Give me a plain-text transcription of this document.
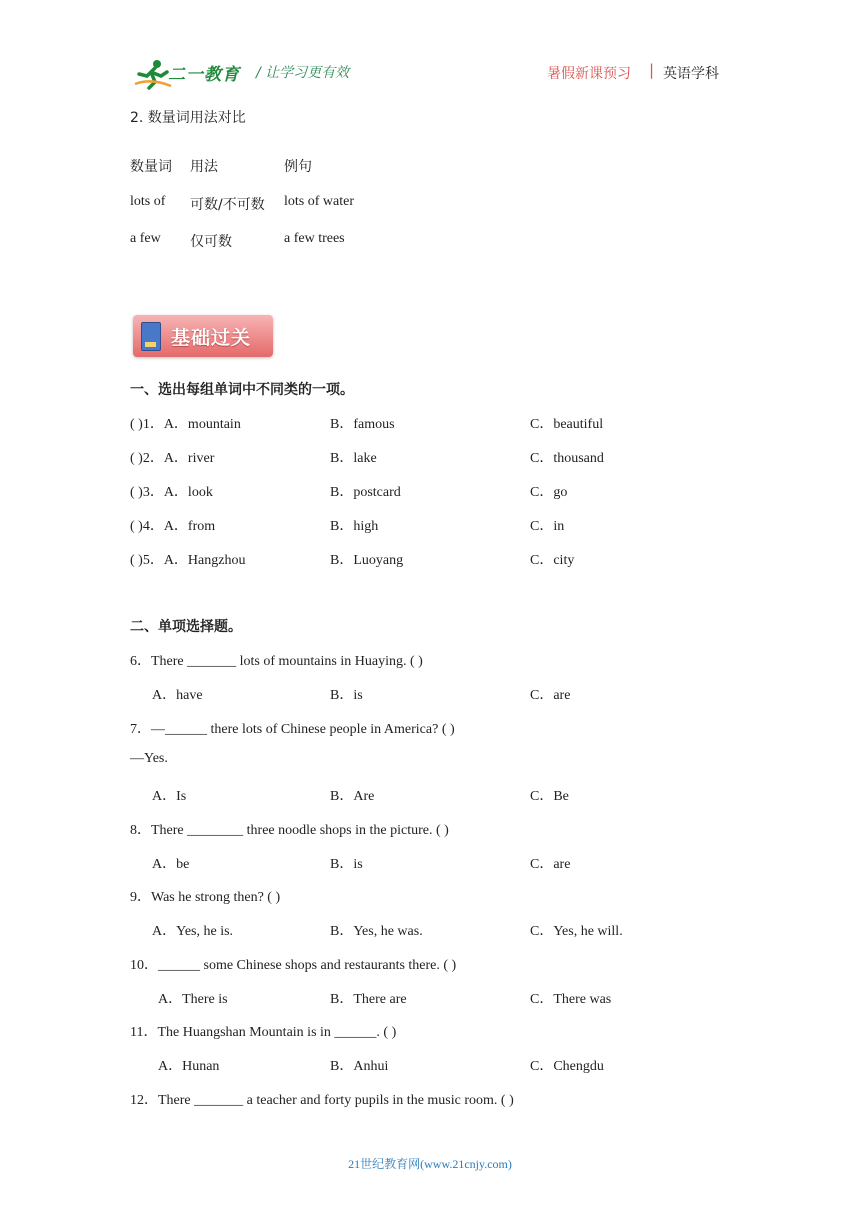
二一教育 / 让学习更有效	暑假新课预习 | 英语学科
2. 数量词用法对比
数量词 用法	例句
lots of 可数/不可数 lots of water
a few 仅可数	a few trees
基础过关
一、选出每组单词中不同类的一项。
( )1．A．mountain	B．famous	C．beautiful
( )2．A．river	B．lake	C．thousand
( )3．A．look	B．postcard	C．go
( )4．A．from	B．high	C．in
( )5．A．Hangzhou	B．Luoyang	C．city
二、单项选择题。
6．There _______ lots of mountains in Huaying. ( )
A．have	B．is	C．are
7．—______ there lots of Chinese people in America? ( )
—Yes.
A．Is	B．Are	C．Be
8．There ________ three noodle shops in the picture. ( )
A．be	B．is	C．are
9．Was he strong then? ( )
A．Yes, he is.	B．Yes, he was.	C．Yes, he will.
10．______ some Chinese shops and restaurants there. ( )
A．There is	B．There are	C．There was
11．The Huangshan Mountain is in ______. ( )
A．Hunan	B．Anhui	C．Chengdu
12．There _______ a teacher and forty pupils in the music room. ( )
21世纪教育网(www.21cnjy.com)
